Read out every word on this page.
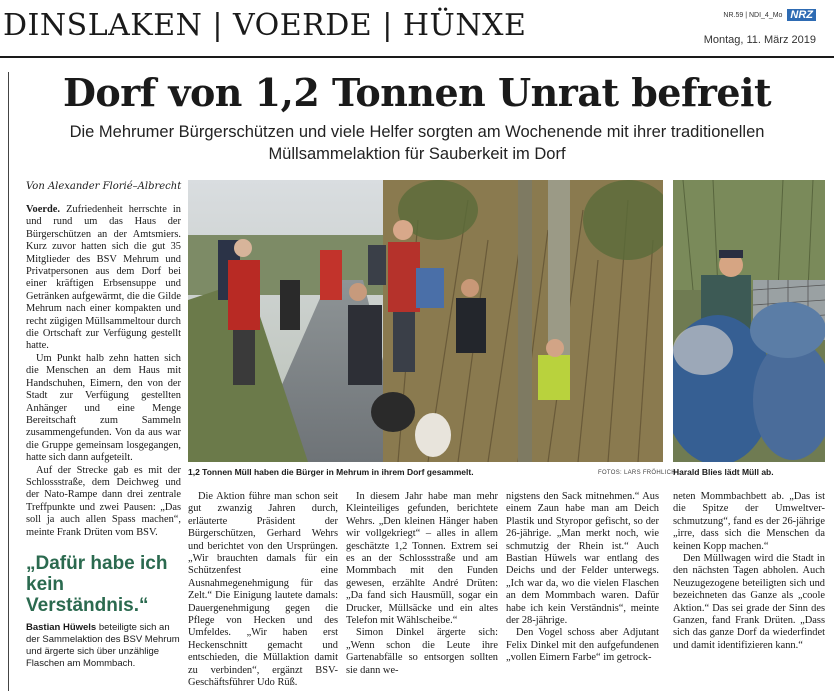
DINSLAKEN | VOERDE | HÜNXE	NR.59 | NDI_4_Mo NRZ
Montag, 11. März 2019
Dorf von 1,2 Tonnen Unrat befreit
Die Mehrumer Bürgerschützen und viele Helfer sorgten am Wochenende mit ihrer traditionellen Müllsammelaktion für Sauberkeit im Dorf
Von Alexander Florié–Albrecht

Voerde. Zufriedenheit herrschte in und rund um das Haus der Bürgerschützen an der Amtsmiers. Kurz zuvor hatten sich die gut 35 Mitglieder des BSV Mehrum und Privatpersonen aus dem Dorf bei einer kräftigen Erbsensuppe und Getränken aufgewärmt, die die Gilde Mehrum nach einer kompakten und recht zügigen Müllsammeltour durch die Ortschaft zur Verfügung gestellt hatte.

Um Punkt halb zehn hatten sich die Menschen an dem Haus mit Handschuhen, Eimern, den von der Stadt zur Verfügung gestellten Anhänger und eine Menge Bereitschaft zum Sammeln zusammengefunden. Von da aus war die Gruppe gemeinsam losgegangen, hatte sich dann aufgeteilt.

Auf der Strecke gab es mit der Schlossstraße, dem Deichweg und der Nato-Rampe dann drei zentrale Treffpunkte und zwei Pausen: „Das soll ja auch allen Spass machen“, meinte Frank Drüten vom BSV.

„Dafür habe ich kein Verständnis.“
Bastian Hüwels beteiligte sich an der Sammelaktion des BSV Mehrum und ärgerte sich über unzählige Flaschen am Mommbach.
1,2 Tonnen Müll haben die Bürger in Mehrum in ihrem Dorf gesammelt.	FOTOS: LARS FRÖHLICH
Harald Blies lädt Müll ab.

Die Aktion führe man schon seit gut zwanzig Jahren durch, erläuterte Präsident der Bürgerschützen, Gerhard Wehrs und berichtet von den Ursprüngen. „Wir brauchten damals für ein Schützenfest eine Ausnahmegenehmigung für das Zelt.“ Die Einigung lautete damals: Dauergenehmigung gegen die Pflege von Hecken und des Umfeldes. „Wir haben erst Heckenschnitt gemacht und entschieden, die Müllaktion damit zu verbinden“, ergänzt BSV-Geschäftsführer Udo Rüß.

In diesem Jahr habe man mehr Kleinteiliges gefunden, berichtete Wehrs. „Den kleinen Hänger haben wir vollgekriegt“ – alles in allem geschätzte 1,2 Tonnen. Extrem sei es an der Schlossstraße und am Mommbach mit den Funden gewesen, erzählte André Drüten: „Da fand sich Hausmüll, sogar ein Drucker, Müllsäcke und ein altes Telefon mit Wählscheibe.“

Simon Dinkel ärgerte sich: „Wenn schon die Leute ihre Gartenabfälle so entsorgen sollten sie dann we-

nigstens den Sack mitnehmen.“ Aus einem Zaun habe man am Deich Plastik und Styropor gefischt, so der 26-jährige. „Man merkt noch, wie schmutzig der Rhein ist.“ Auch Bastian Hüwels war entlang des Deichs und der Felder unterwegs. „Ich war da, wo die vielen Flaschen an dem Mommbach waren. Dafür habe ich kein Verständnis“, meinte der 28-jährige.

Den Vogel schoss aber Adjutant Felix Dinkel mit den aufgefundenen „vollen Eimern Farbe“ im getrock-

neten Mommbachbett ab. „Das ist die Spitze der Umweltver-schmutzung“, fand es der 26-jährige „irre, dass sich die Menschen da keinen Kopp machen.“

Den Müllwagen wird die Stadt in den nächsten Tagen abholen. Auch Neuzugezogene beteiligten sich und bezeichneten das Ganze als „coole Aktion.“ Das sei grade der Sinn des Ganzen, fand Frank Drüten. „Dass sich das ganze Dorf da wiederfindet und damit identifizieren kann.“
